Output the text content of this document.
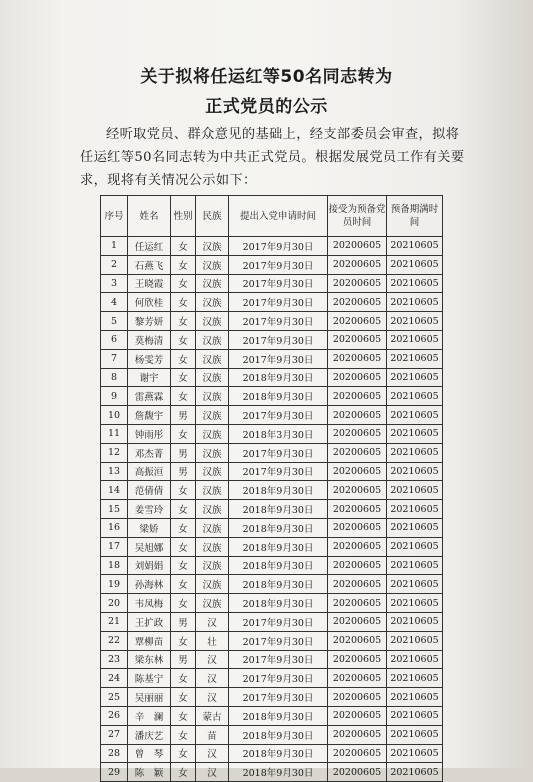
关于拟将任运红等50名同志转为
正式党员的公示
经听取党员、群众意见的基础上，经支部委员会审查，拟将任运红等50名同志转为中共正式党员。根据发展党员工作有关要求，现将有关情况公示如下：
序号	姓名	性别	民族	提出入党申请时间	接受为预备党员时间	预备期满时间
1	任运红	女	汉族	2017年9月30日	20200605	20210605
2	石燕飞	女	汉族	2017年9月30日	20200605	20210605
3	王晓霞	女	汉族	2017年9月30日	20200605	20210605
4	何欣桂	女	汉族	2017年9月30日	20200605	20210605
5	黎芳妍	女	汉族	2017年9月30日	20200605	20210605
6	莫梅清	女	汉族	2017年9月30日	20200605	20210605
7	杨雯芳	女	汉族	2017年9月30日	20200605	20210605
8	谢宇	女	汉族	2018年9月30日	20200605	20210605
9	雷燕霖	女	汉族	2018年9月30日	20200605	20210605
10	詹馥宇	男	汉族	2017年9月30日	20200605	20210605
11	钟雨彤	女	汉族	2018年3月30日	20200605	20210605
12	邓杰菁	男	汉族	2017年9月30日	20200605	20210605
13	高振洹	男	汉族	2017年9月30日	20200605	20210605
14	范倩倩	女	汉族	2018年9月30日	20200605	20210605
15	姜雪玲	女	汉族	2018年9月30日	20200605	20210605
16	梁娇	女	汉族	2018年9月30日	20200605	20210605
17	吴旭娜	女	汉族	2018年9月30日	20200605	20210605
18	刘娟娟	女	汉族	2018年9月30日	20200605	20210605
19	孙海林	女	汉族	2018年9月30日	20200605	20210605
20	韦凤梅	女	汉族	2018年9月30日	20200605	20210605
21	王扩政	男	汉	2017年9月30日	20200605	20210605
22	覃柳苗	女	壮	2017年9月30日	20200605	20210605
23	梁东林	男	汉	2017年9月30日	20200605	20210605
24	陈基宁	女	汉	2017年9月30日	20200605	20210605
25	吴丽丽	女	汉	2017年9月30日	20200605	20210605
26	辛　澜	女	蒙古	2018年9月30日	20200605	20210605
27	潘庆艺	女	苗	2018年9月30日	20200605	20210605
28	曾　琴	女	汉	2018年9月30日	20200605	20210605
29	陈　颖	女	汉	2018年9月30日	20200605	20210605
